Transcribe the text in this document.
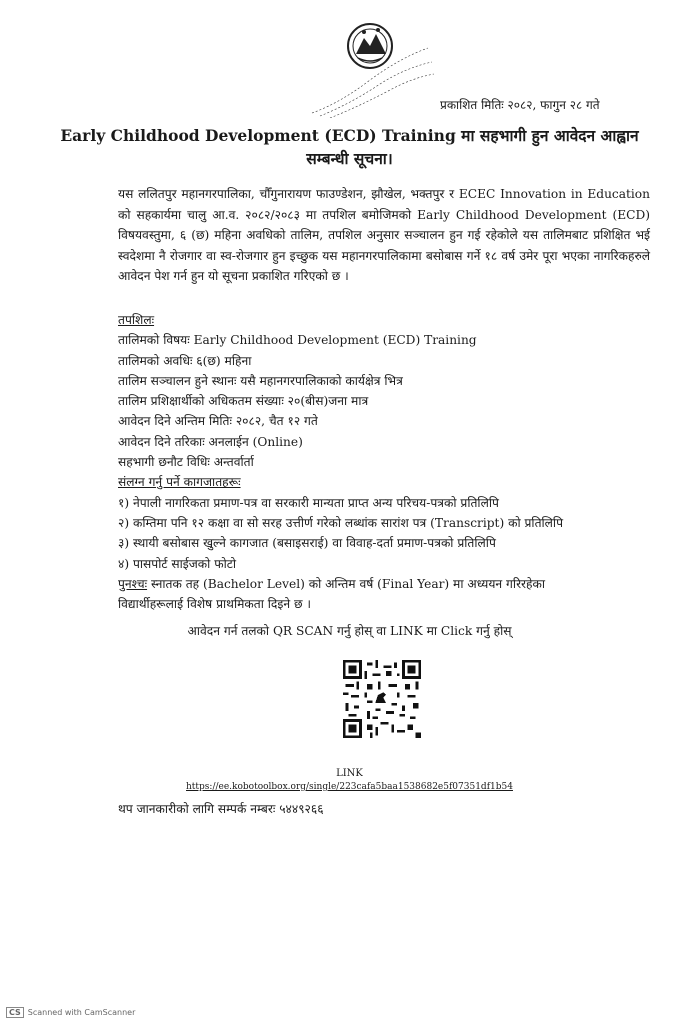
प्रकाशित मितिः २०८२, फागुन २८ गते
Early Childhood Development (ECD) Training मा सहभागी हुन आवेदन आह्वान
सम्बन्धी सूचना।
यस ललितपुर महानगरपालिका, चौँगुनारायण फाउण्डेशन, झौखेल, भक्तपुर र ECEC Innovation in Education को सहकार्यमा चालु आ.व. २०८२/२०८३ मा तपशिल बमोजिमको Early Childhood Development (ECD) विषयवस्तुमा, ६ (छ) महिना अवधिको तालिम, तपशिल अनुसार सञ्चालन हुन गई रहेकोले यस तालिमबाट प्रशिक्षित भई स्वदेशमा नै रोजगार वा स्व-रोजगार हुन इच्छुक यस महानगरपालिकामा बसोबास गर्ने १८ वर्ष उमेर पूरा भएका नागरिकहरुले आवेदन पेश गर्न हुन यो सूचना प्रकाशित गरिएको छ ।
तपशिलः
तालिमको विषयः Early Childhood Development (ECD) Training
तालिमको अवधिः ६(छ) महिना
तालिम सञ्चालन हुने स्थानः यसै महानगरपालिकाको कार्यक्षेत्र भित्र
तालिम प्रशिक्षार्थीको अधिकतम संख्याः २०(बीस)जना मात्र
आवेदन दिने अन्तिम मितिः २०८२, चैत १२ गते
आवेदन दिने तरिकाः अनलाईन (Online)
सहभागी छनौट विधिः अन्तर्वार्ता
संलग्न गर्नु पर्ने कागजातहरूः
१) नेपाली नागरिकता प्रमाण-पत्र वा सरकारी मान्यता प्राप्त अन्य परिचय-पत्रको प्रतिलिपि
२) कम्तिमा पनि १२ कक्षा वा सो सरह उत्तीर्ण गरेको लब्धांक सारांश पत्र (Transcript) को प्रतिलिपि
३) स्थायी बसोबास खुल्ने कागजात (बसाइसराई) वा विवाह-दर्ता प्रमाण-पत्रको प्रतिलिपि
४) पासपोर्ट साईजको फोटो
पुनश्चः स्नातक तह (Bachelor Level) को अन्तिम वर्ष (Final Year) मा अध्ययन गरिरहेका
विद्यार्थीहरूलाई विशेष प्राथमिकता दिइने छ ।
आवेदन गर्न तलको QR SCAN गर्नु होस् वा LINK मा Click गर्नु होस्
LINK
https://ee.kobotoolbox.org/single/223cafa5baa1538682e5f07351df1b54
थप जानकारीको लागि सम्पर्क नम्बरः ५४४९२६६
CS Scanned with CamScanner
